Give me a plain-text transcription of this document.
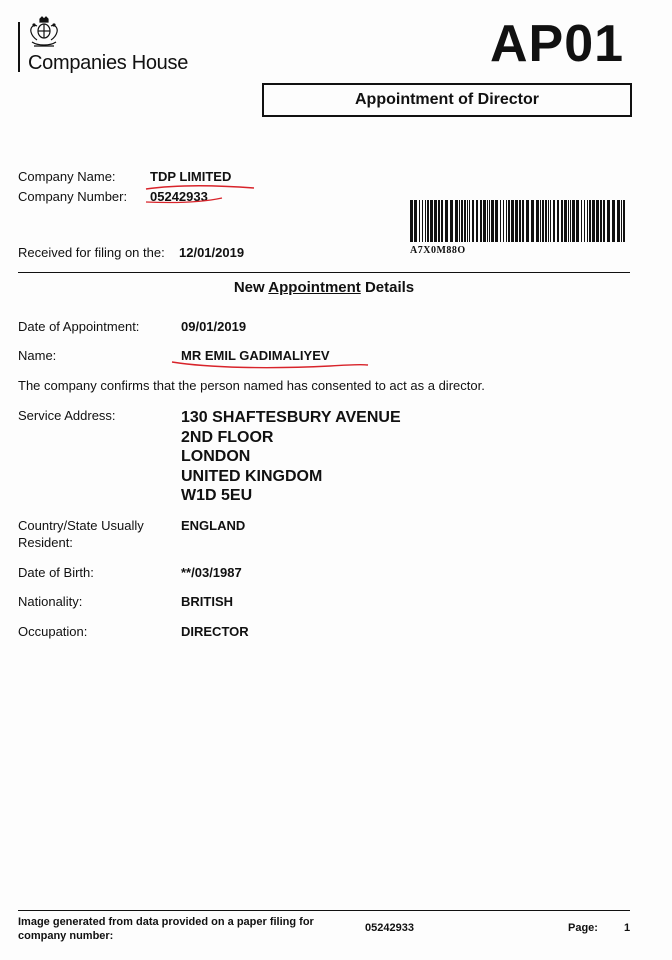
Companies House	AP01
Appointment of Director
Company Name:	TDP LIMITED
Company Number: 05242933
Received for filing on the: 12/01/2019	A7X0M88O
New Appointment Details
Date of Appointment:	09/01/2019
Name:	MR EMIL GADIMALIYEV
The company confirms that the person named has consented to act as a director.
Service Address:	130 SHAFTESBURY AVENUE
2ND FLOOR
LONDON
UNITED KINGDOM
W1D 5EU
Country/State Usually
Resident:
ENGLAND
Date of Birth:	**/03/1987
Nationality:	BRITISH
Occupation:	DIRECTOR
Image generated from data provided on a paper filing for company number:
05242933	Page: 1
